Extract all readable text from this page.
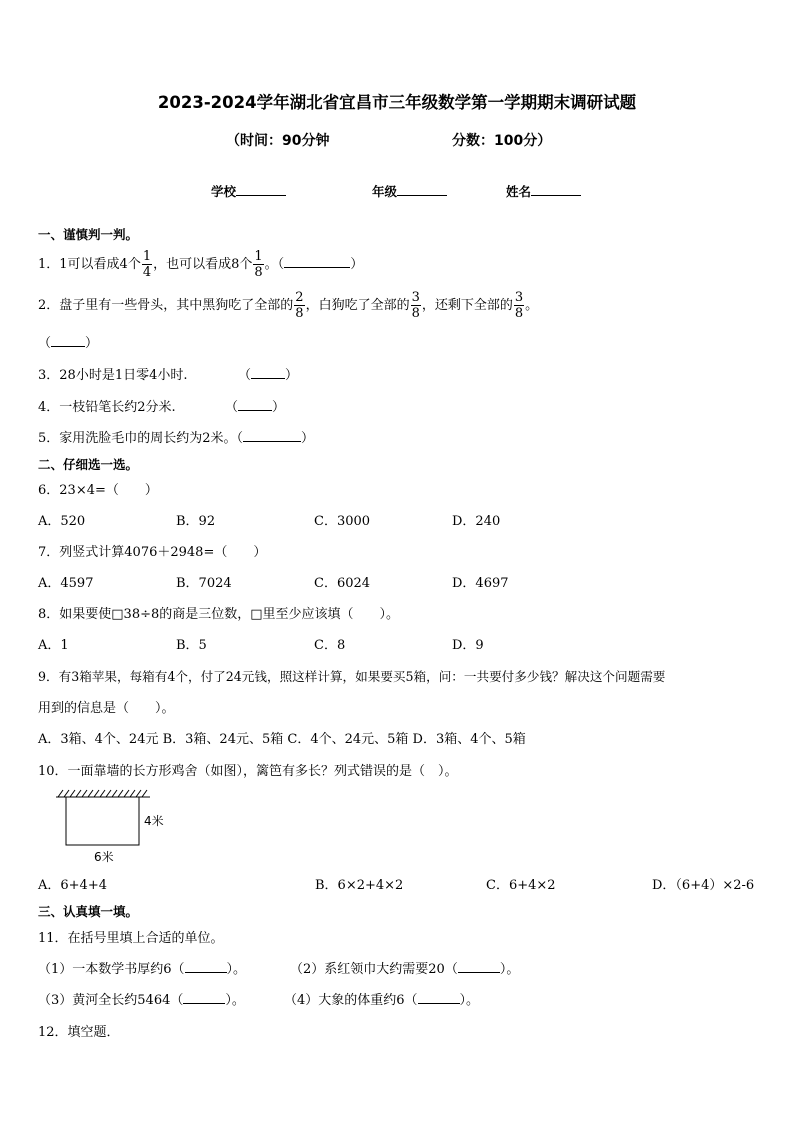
2023-2024学年湖北省宜昌市三年级数学第一学期期末调研试题
（时间：90分钟	分数：100分）
学校	年级	姓名
一、谨慎判一判。
1．1可以看成4个 $\frac{1}{4}$ ，也可以看成8个 $\frac{1}{8}$ 。（	）
2．盘子里有一些骨头，其中黑狗吃了全部的 $\frac{2}{8}$ ，白狗吃了全部的 $\frac{3}{8}$ ，还剩下全部的 $\frac{3}{8}$ 。
（	）
3．28小时是1日零4小时.	（	）
4．一枝铅笔长约2分米.	（	）
5．家用洗脸毛巾的周长约为2米。（	）
二、仔细选一选。
6．23×4=（　　）
A．520	B．92	C．3000	D．240
7．列竖式计算4076＋2948=（　　）
A．4597	B．7024	C．6024	D．4697
8．如果要使□38÷8的商是三位数，□里至少应该填（　　）。
A．1	B．5	C．8	D．9
9．有3箱苹果，每箱有4个，付了24元钱，照这样计算，如果要买5箱，问：一共要付多少钱？解决这个问题需要
用到的信息是（　　）。
A．3箱、4个、24元 B．3箱、24元、5箱 C．4个、24元、5箱 D．3箱、4个、5箱
10．一面靠墙的长方形鸡舍（如图），篱笆有多长？列式错误的是（　）。
4米
6米
A．6+4+4	B．6×2+4×2	C．6+4×2	D．（6+4）×2-6
三、认真填一填。
11．在括号里填上合适的单位。
（1）一本数学书厚约6（	）。	（2）系红领巾大约需要20（	）。
（3）黄河全长约5464（	）。	（4）大象的体重约6（	）。
12．填空题．
